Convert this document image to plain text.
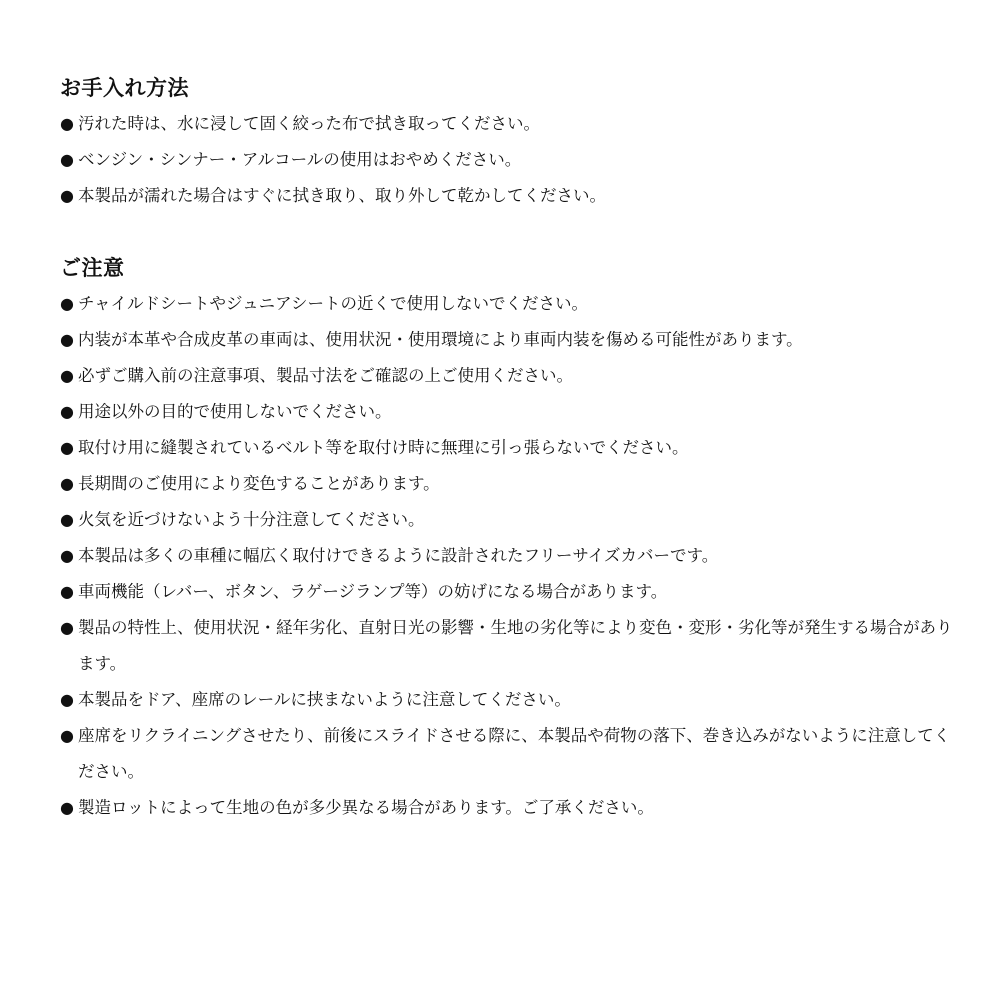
お手入れ方法
● 汚れた時は、水に浸して固く絞った布で拭き取ってください。
● ベンジン・シンナー・アルコールの使用はおやめください。
● 本製品が濡れた場合はすぐに拭き取り、取り外して乾かしてください。
ご注意
● チャイルドシートやジュニアシートの近くで使用しないでください。
● 内装が本革や合成皮革の車両は、使用状況・使用環境により車両内装を傷める可能性があります。
● 必ずご購入前の注意事項、製品寸法をご確認の上ご使用ください。
● 用途以外の目的で使用しないでください。
● 取付け用に縫製されているベルト等を取付け時に無理に引っ張らないでください。
● 長期間のご使用により変色することがあります。
● 火気を近づけないよう十分注意してください。
● 本製品は多くの車種に幅広く取付けできるように設計されたフリーサイズカバーです。
● 車両機能（レバー、ボタン、ラゲージランプ等）の妨げになる場合があります。
● 製品の特性上、使用状況・経年劣化、直射日光の影響・生地の劣化等により変色・変形・劣化等が発生する場合があります。
● 本製品をドア、座席のレールに挟まないように注意してください。
● 座席をリクライニングさせたり、前後にスライドさせる際に、本製品や荷物の落下、巻き込みがないように注意してください。
● 製造ロットによって生地の色が多少異なる場合があります。ご了承ください。
